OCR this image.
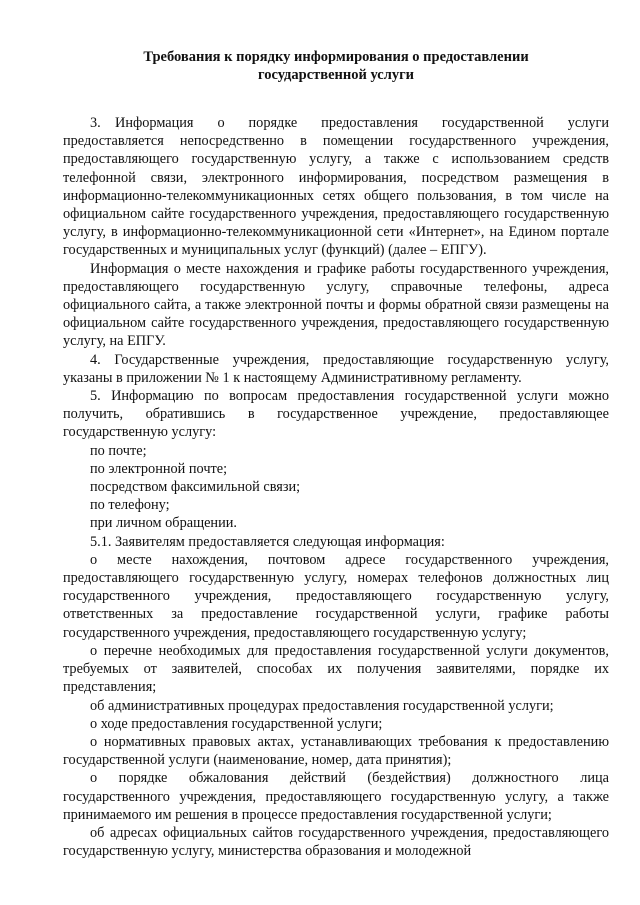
Требования к порядку информирования о предоставлении
государственной услуги

3. Информация о порядке предоставления государственной услуги предоставляется непосредственно в помещении государственного учреждения, предоставляющего государственную услугу, а также с использованием средств телефонной связи, электронного информирования, посредством размещения в информационно-телекоммуникационных сетях общего пользования, в том числе на официальном сайте государственного учреждения, предоставляющего государственную услугу, в информационно-телекоммуникационной сети «Интернет», на Едином портале государственных и муниципальных услуг (функций) (далее – ЕПГУ).

Информация о месте нахождения и графике работы государственного учреждения, предоставляющего государственную услугу, справочные телефоны, адреса официального сайта, а также электронной почты и формы обратной связи размещены на официальном сайте государственного учреждения, предоставляющего государственную услугу, на ЕПГУ.

4. Государственные учреждения, предоставляющие государственную услугу, указаны в приложении № 1 к настоящему Административному регламенту.

5. Информацию по вопросам предоставления государственной услуги можно получить, обратившись в государственное учреждение, предоставляющее государственную услугу:

по почте;

по электронной почте;

посредством факсимильной связи;

по телефону;

при личном обращении.

5.1. Заявителям предоставляется следующая информация:

о месте нахождения, почтовом адресе государственного учреждения, предоставляющего государственную услугу, номерах телефонов должностных лиц государственного учреждения, предоставляющего государственную услугу, ответственных за предоставление государственной услуги, графике работы государственного учреждения, предоставляющего государственную услугу;

о перечне необходимых для предоставления государственной услуги документов, требуемых от заявителей, способах их получения заявителями, порядке их представления;

об административных процедурах предоставления государственной услуги;

о ходе предоставления государственной услуги;

о нормативных правовых актах, устанавливающих требования к предоставлению государственной услуги (наименование, номер, дата принятия);

о порядке обжалования действий (бездействия) должностного лица государственного учреждения, предоставляющего государственную услугу, а также принимаемого им решения в процессе предоставления государственной услуги;

об адресах официальных сайтов государственного учреждения, предоставляющего государственную услугу, министерства образования и молодежной
